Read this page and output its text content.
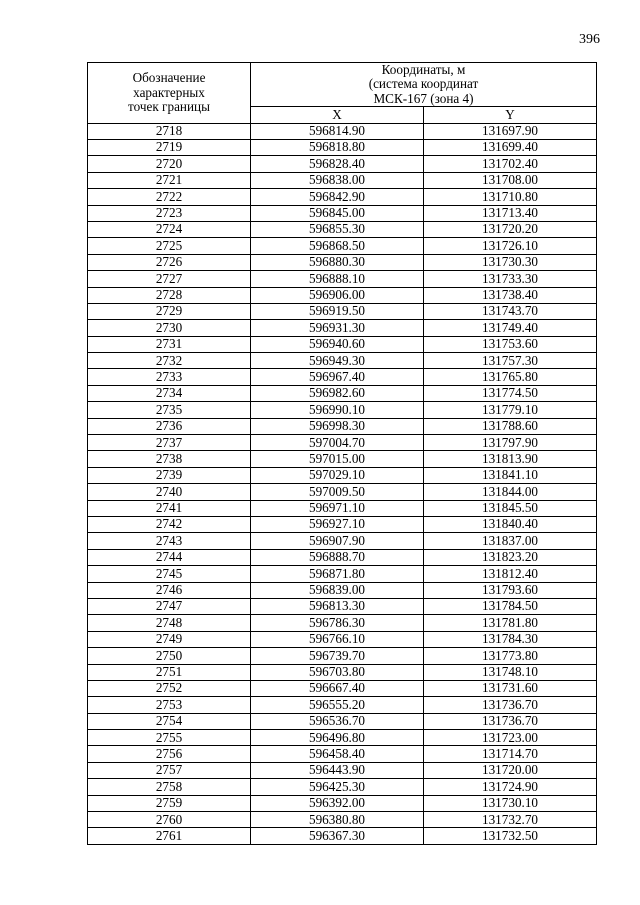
396
Обозначение
характерных
точек границы	Координаты, м
(система координат
МСК-167 (зона 4)	
	X	Y
2718	596814.90	131697.90
2719	596818.80	131699.40
2720	596828.40	131702.40
2721	596838.00	131708.00
2722	596842.90	131710.80
2723	596845.00	131713.40
2724	596855.30	131720.20
2725	596868.50	131726.10
2726	596880.30	131730.30
2727	596888.10	131733.30
2728	596906.00	131738.40
2729	596919.50	131743.70
2730	596931.30	131749.40
2731	596940.60	131753.60
2732	596949.30	131757.30
2733	596967.40	131765.80
2734	596982.60	131774.50
2735	596990.10	131779.10
2736	596998.30	131788.60
2737	597004.70	131797.90
2738	597015.00	131813.90
2739	597029.10	131841.10
2740	597009.50	131844.00
2741	596971.10	131845.50
2742	596927.10	131840.40
2743	596907.90	131837.00
2744	596888.70	131823.20
2745	596871.80	131812.40
2746	596839.00	131793.60
2747	596813.30	131784.50
2748	596786.30	131781.80
2749	596766.10	131784.30
2750	596739.70	131773.80
2751	596703.80	131748.10
2752	596667.40	131731.60
2753	596555.20	131736.70
2754	596536.70	131736.70
2755	596496.80	131723.00
2756	596458.40	131714.70
2757	596443.90	131720.00
2758	596425.30	131724.90
2759	596392.00	131730.10
2760	596380.80	131732.70
2761	596367.30	131732.50
